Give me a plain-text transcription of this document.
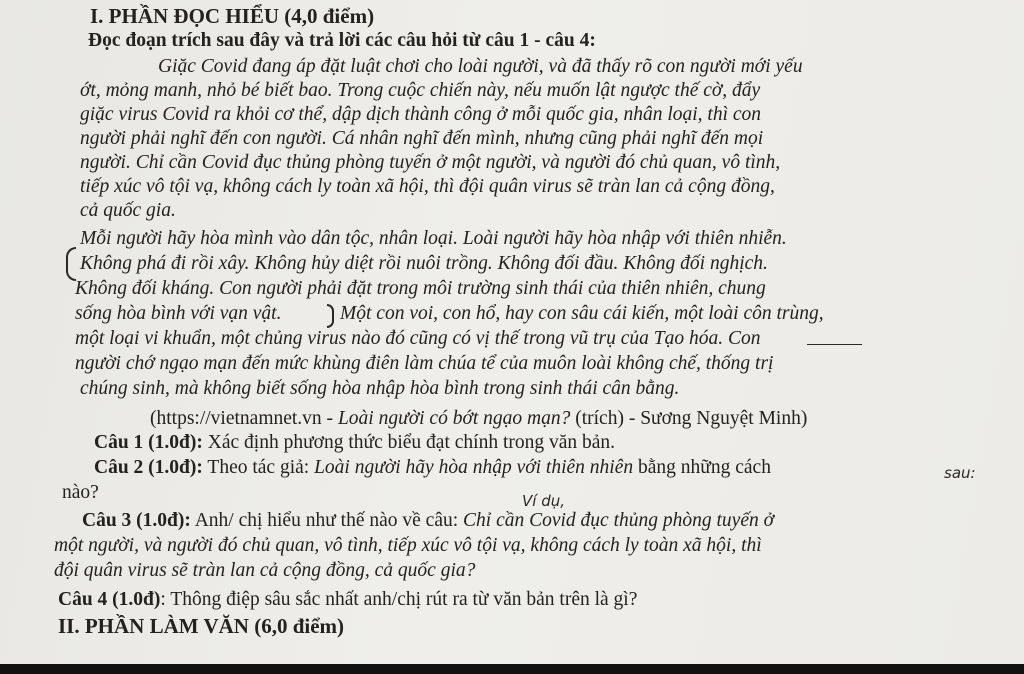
I. PHẦN ĐỌC HIỂU (4,0 điểm)
Đọc đoạn trích sau đây và trả lời các câu hỏi từ câu 1 - câu 4:
Giặc Covid đang áp đặt luật chơi cho loài người, và đã thấy rõ con người mới yếu
ớt, mỏng manh, nhỏ bé biết bao. Trong cuộc chiến này, nếu muốn lật ngược thế cờ, đẩy
giặc virus Covid ra khỏi cơ thể, dập dịch thành công ở mỗi quốc gia, nhân loại, thì con
người phải nghĩ đến con người. Cá nhân nghĩ đến mình, nhưng cũng phải nghĩ đến mọi
người. Chỉ cần Covid đục thủng phòng tuyến ở một người, và người đó chủ quan, vô tình,
tiếp xúc vô tội vạ, không cách ly toàn xã hội, thì đội quân virus sẽ tràn lan cả cộng đồng,
cả quốc gia.
Mỗi người hãy hòa mình vào dân tộc, nhân loại. Loài người hãy hòa nhập với thiên nhiễn.
Không phá đi rồi xây. Không hủy diệt rồi nuôi trồng. Không đối đầu. Không đối nghịch.
Không đối kháng. Con người phải đặt trong môi trường sinh thái của thiên nhiên, chung
sống hòa bình với vạn vật.	Một con voi, con hổ, hay con sâu cái kiến, một loài côn trùng,
một loại vi khuẩn, một chủng virus nào đó cũng có vị thế trong vũ trụ của Tạo hóa. Con
người chớ ngạo mạn đến mức khùng điên làm chúa tể của muôn loài không chế, thống trị
chúng sinh, mà không biết sống hòa nhập hòa bình trong sinh thái cân bằng.
(https://vietnamnet.vn - Loài người có bớt ngạo mạn? (trích) - Sương Nguyệt Minh)
Câu 1 (1.0đ): Xác định phương thức biểu đạt chính trong văn bản.
Câu 2 (1.0đ): Theo tác giả: Loài người hãy hòa nhập với thiên nhiên bằng những cách	sau:
nào?	Ví dụ,
Câu 3 (1.0đ): Anh/ chị hiểu như thế nào về câu: Chỉ cần Covid đục thủng phòng tuyến ở
một người, và người đó chủ quan, vô tình, tiếp xúc vô tội vạ, không cách ly toàn xã hội, thì
đội quân virus sẽ tràn lan cả cộng đồng, cả quốc gia?
Câu 4 (1.0đ): Thông điệp sâu sắc nhất anh/chị rút ra từ văn bản trên là gì?
II. PHẦN LÀM VĂN (6,0 điểm)
